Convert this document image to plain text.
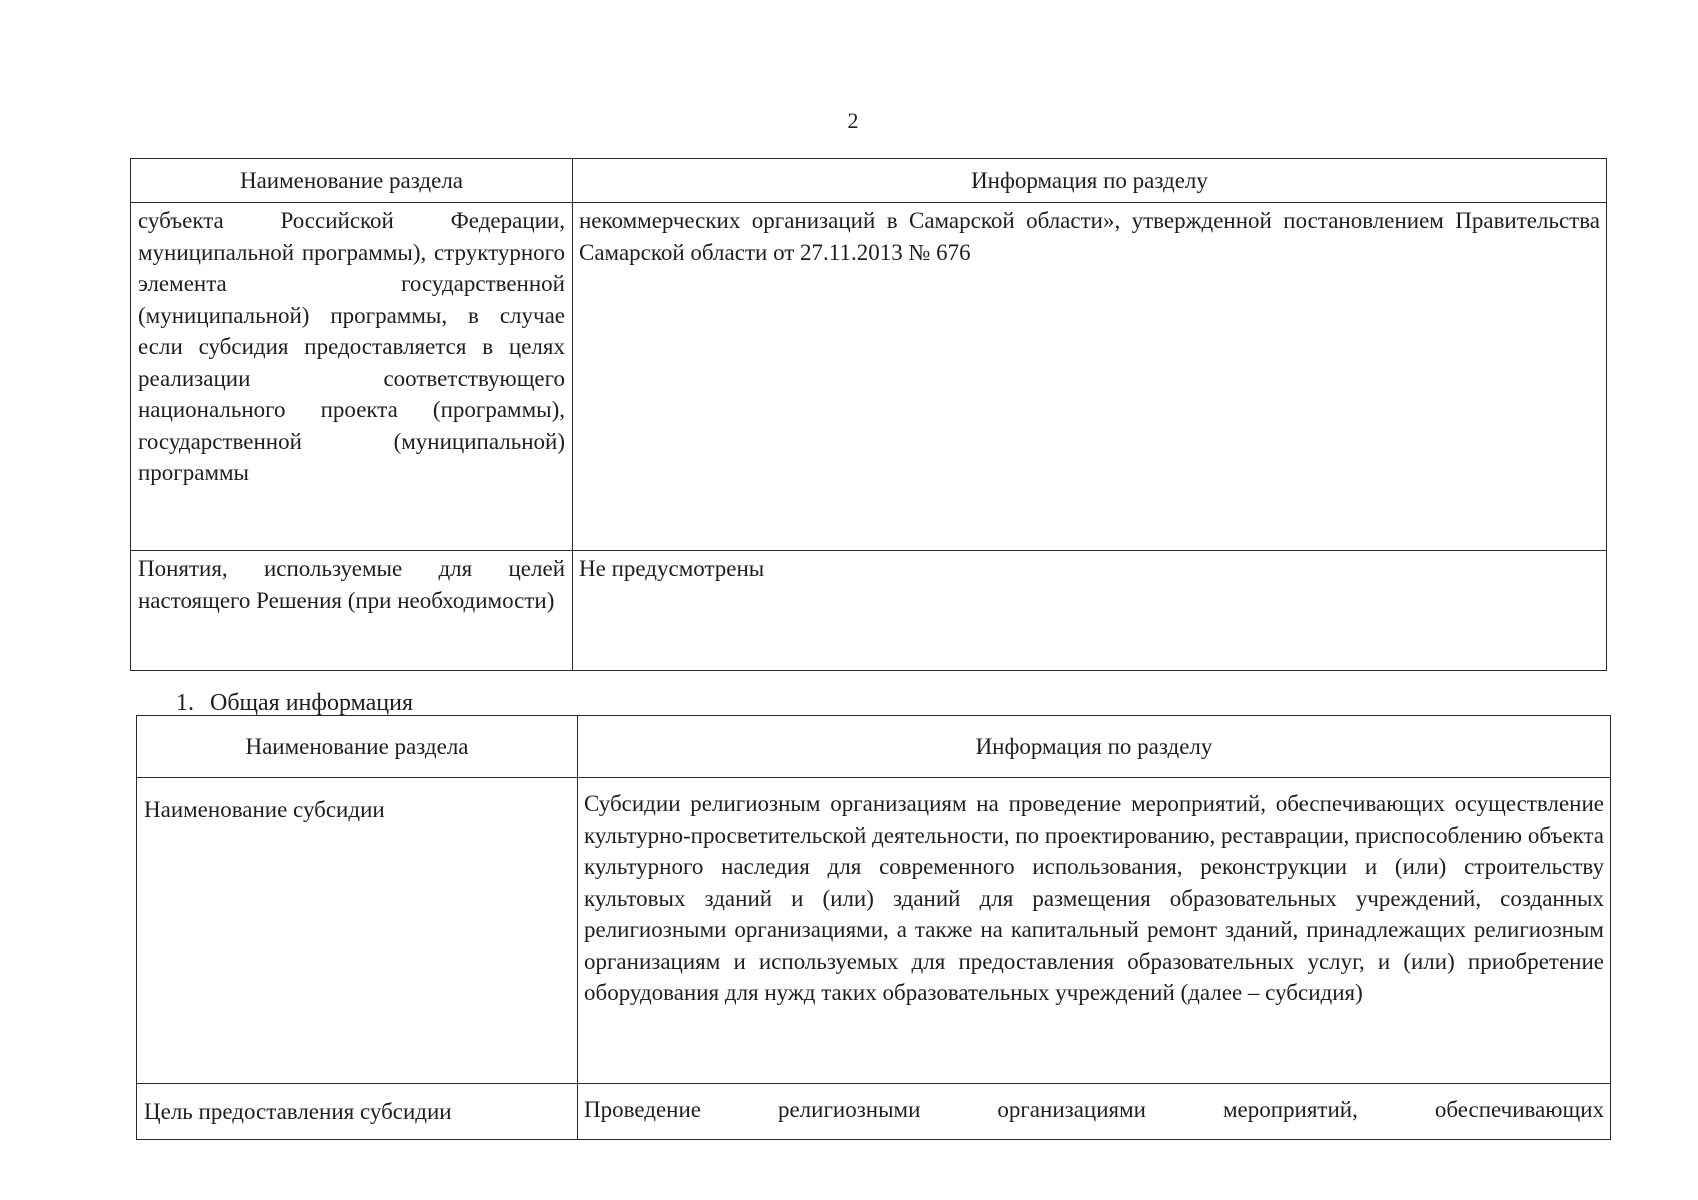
2
Наименование раздела	Информация по разделу

субъекта Российской Федерации, муниципальной программы), структурного элемента государственной (муниципальной) программы, в случае если субсидия предоставляется в целях реализации соответствующего национального проекта (программы), государственной (муниципальной) программы	некоммерческих организаций в Самарской области», утвержденной постановлением Правительства Самарской области от 27.11.2013 № 676

Понятия, используемые для целей настоящего Решения (при необходимости)	Не предусмотрены
1. Общая информация
Наименование раздела	Информация по разделу

Наименование субсидии	Субсидии религиозным организациям на проведение мероприятий, обеспечивающих осуществление культурно-просветительской деятельности, по проектированию, реставрации, приспособлению объекта культурного наследия для современного использования, реконструкции и (или) строительству культовых зданий и (или) зданий для размещения образовательных учреждений, созданных религиозными организациями, а также на капитальный ремонт зданий, принадлежащих религиозным организациям и используемых для предоставления образовательных услуг, и (или) приобретение оборудования для нужд таких образовательных учреждений (далее – субсидия)

Цель предоставления субсидии	Проведение религиозными организациями мероприятий, обеспечивающих
